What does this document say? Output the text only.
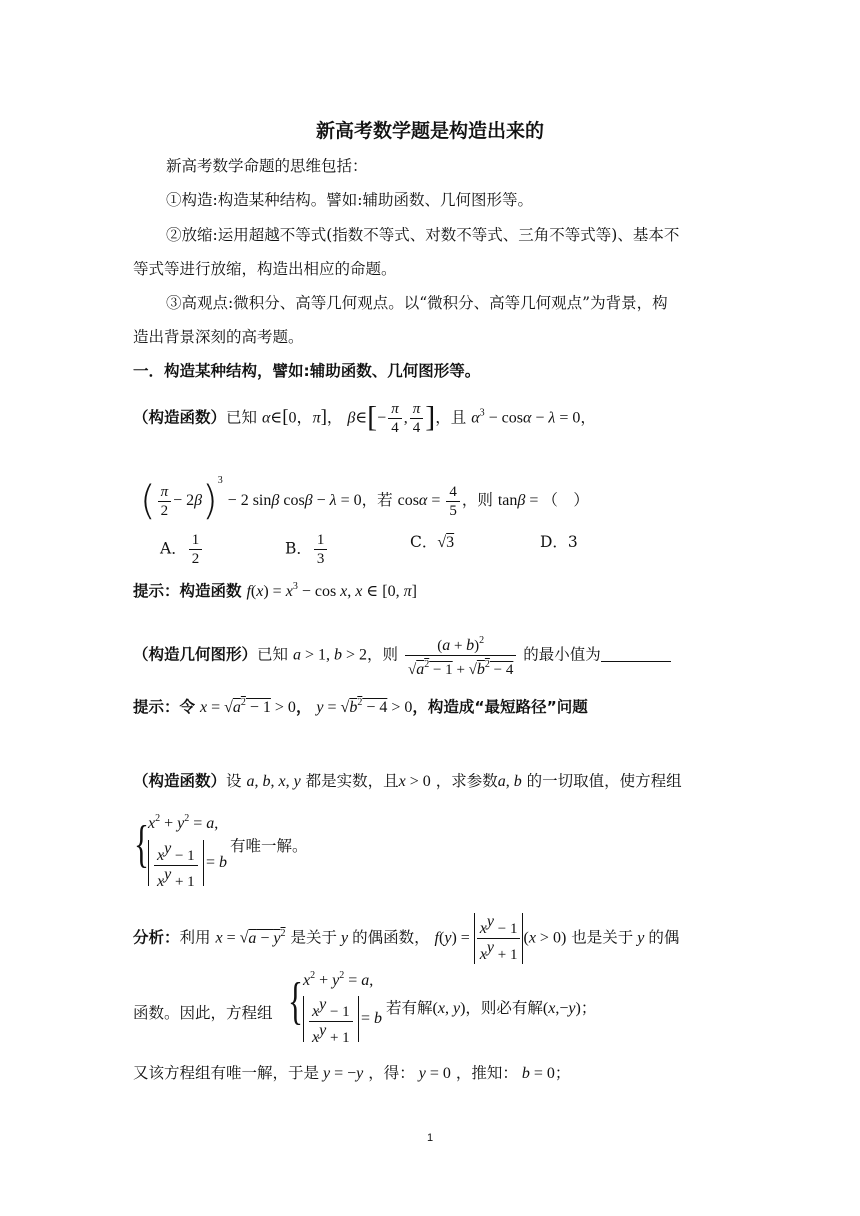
新高考数学题是构造出来的
新高考数学命题的思维包括：
①构造:构造某种结构。譬如:辅助函数、几何图形等。
②放缩:运用超越不等式(指数不等式、对数不等式、三角不等式等)、基本不
等式等进行放缩，构造出相应的命题。
③高观点:微积分、高等几何观点。以“微积分、高等几何观点”为背景，构
造出背景深刻的高考题。
一．构造某种结构，譬如:辅助函数、几何图形等。
（构造函数）已知 α∈[0，π]， β∈[− $\frac{\pi}{4}$ , $\frac{\pi}{4}$ ]，且 $\alpha^3 - \cos\alpha - \lambda = 0$，
( $\frac{\pi}{2} - 2\beta)^3 - 2$ sinβ cosβ − λ = 0，若 $\cos\alpha = \frac{4}{5}$ ，则 tanβ = （　）
A． $\frac{1}{2}$	B． $\frac{1}{3}$	C．√3	D．3
提示：构造函数 $f(x) = x^3 - \cos x$, x ∈ [0, π]
（构造几何图形）已知 a > 1, b > 2，则 $\frac{(a + b)^2}{√a^2 - 1 + √b^2 - 4}$ 的最小值为
提示：令 $x = √a^2 - 1 > 0$， $y = √b^2 - 4 > 0$，构造成“最短路径”问题
（构造函数）设 a, b, x, y 都是实数，且x > 0 ，求参数a, b 的一切取值，使方程组
{ $x^2 + y^2 = a$,
$\frac{x^y - 1}{x^y + 1} = b$
有唯一解。
分析：利用 $x = √a - y^2$ 是关于 y 的偶函数， $f(y) = \frac{x^y - 1}{x^y + 1} (x > 0)$ 也是关于 y 的偶
函数。因此，方程组 { $x^2 + y^2 = a$,
$\frac{x^y - 1}{x^y + 1} = b$
若有解(x, y)，则必有解(x,−y)；
又该方程组有唯一解，于是 y = −y ，得： y = 0 ，推知： b = 0；
1
